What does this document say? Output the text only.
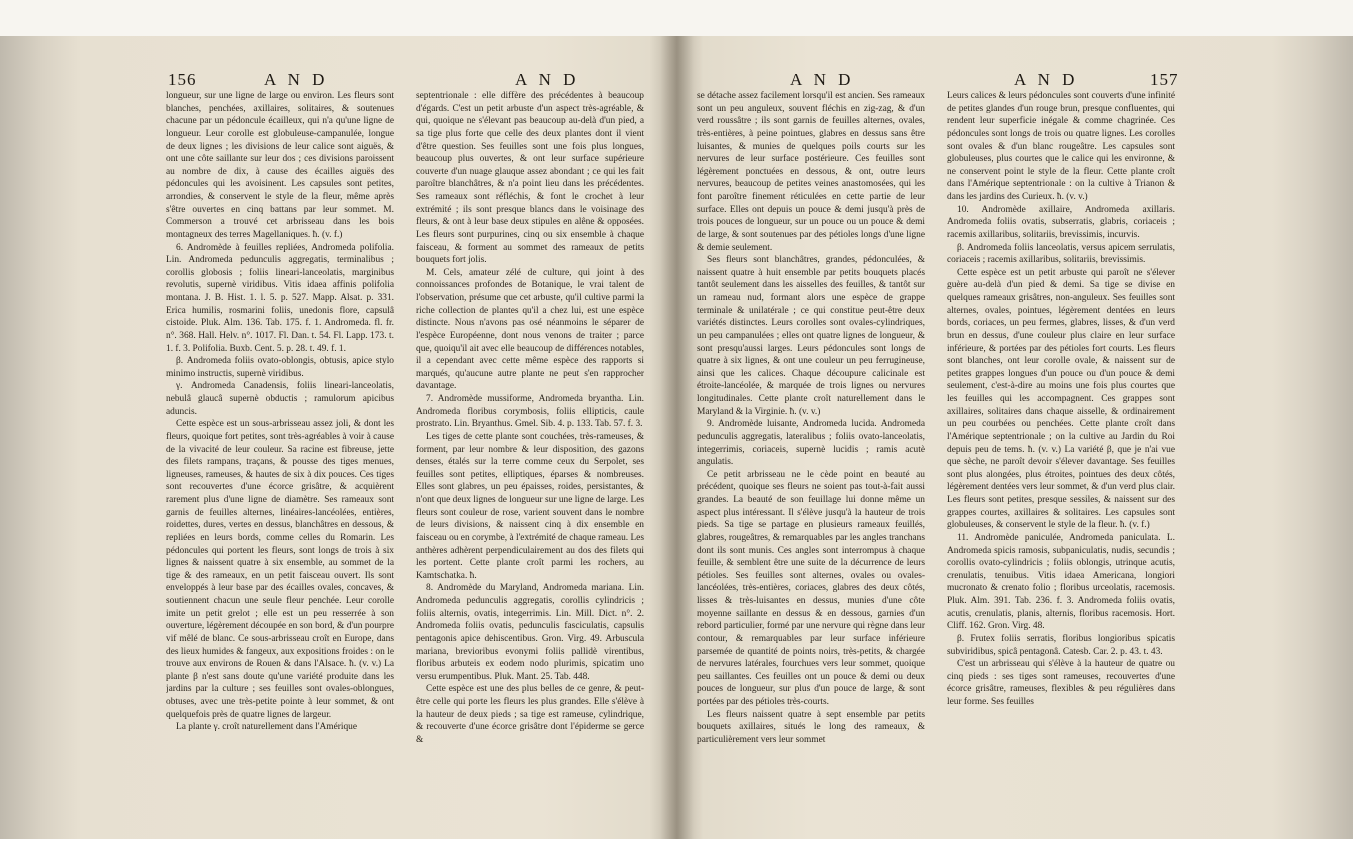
156	A N D	A N D	A N D	A N D	157

longueur, sur une ligne de large ou environ. Les fleurs sont blanches, penchées, axillaires, solitaires, & soutenues chacune par un pédoncule écailleux, qui n'a qu'une ligne de longueur. Leur corolle est globuleuse-campanulée, longue de deux lignes ; les divisions de leur calice sont aiguës, & ont une côte saillante sur leur dos ; ces divisions paroissent au nombre de dix, à cause des écailles aiguës des pédoncules qui les avoisinent. Les capsules sont petites, arrondies, & conservent le style de la fleur, même après s'être ouvertes en cinq battans par leur sommet. M. Commerson a trouvé cet arbrisseau dans les bois montagneux des terres Magellaniques. ħ. (v. f.)

6. Andromède à feuilles repliées, Andromeda polifolia. Lin. Andromeda pedunculis aggregatis, terminalibus ; corollis globosis ; foliis lineari-lanceolatis, marginibus revolutis, supernè viridibus. Vitis idaea affinis polifolia montana. J. B. Hist. 1. l. 5. p. 527. Mapp. Alsat. p. 331. Erica humilis, rosmarini foliis, unedonis flore, capsulâ cistoide. Pluk. Alm. 136. Tab. 175. f. 1. Andromeda. fl. fr. n°. 368. Hall. Helv. n°. 1017. Fl. Dan. t. 54. Fl. Lapp. 173. t. 1. f. 3. Polifolia. Buxb. Cent. 5. p. 28. t. 49. f. 1.

β. Andromeda foliis ovato-oblongis, obtusis, apice stylo minimo instructis, supernè viridibus.

γ. Andromeda Canadensis, foliis lineari-lanceolatis, nebulâ glaucâ supernè obductis ; ramulorum apicibus aduncis.

Cette espèce est un sous-arbrisseau assez joli, & dont les fleurs, quoique fort petites, sont très-agréables à voir à cause de la vivacité de leur couleur. Sa racine est fibreuse, jette des filets rampans, traçans, & pousse des tiges menues, ligneuses, rameuses, & hautes de six à dix pouces. Ces tiges sont recouvertes d'une écorce grisâtre, & acquièrent rarement plus d'une ligne de diamètre. Ses rameaux sont garnis de feuilles alternes, linéaires-lancéolées, entières, roidettes, dures, vertes en dessus, blanchâtres en dessous, & repliées en leurs bords, comme celles du Romarin. Les pédoncules qui portent les fleurs, sont longs de trois à six lignes & naissent quatre à six ensemble, au sommet de la tige & des rameaux, en un petit faisceau ouvert. Ils sont enveloppés à leur base par des écailles ovales, concaves, & soutiennent chacun une seule fleur penchée. Leur corolle imite un petit grelot ; elle est un peu resserrée à son ouverture, légèrement découpée en son bord, & d'un pourpre vif mêlé de blanc. Ce sous-arbrisseau croît en Europe, dans des lieux humides & fangeux, aux expositions froides : on le trouve aux environs de Rouen & dans l'Alsace. ħ. (v. v.) La plante β n'est sans doute qu'une variété produite dans les jardins par la culture ; ses feuilles sont ovales-oblongues, obtuses, avec une très-petite pointe à leur sommet, & ont quelquefois près de quatre lignes de largeur.

La plante γ. croît naturellement dans l'Amérique

septentrionale : elle diffère des précédentes à beaucoup d'égards. C'est un petit arbuste d'un aspect très-agréable, & qui, quoique ne s'élevant pas beaucoup au-delà d'un pied, a sa tige plus forte que celle des deux plantes dont il vient d'être question. Ses feuilles sont une fois plus longues, beaucoup plus ouvertes, & ont leur surface supérieure couverte d'un nuage glauque assez abondant ; ce qui les fait paroître blanchâtres, & n'a point lieu dans les précédentes. Ses rameaux sont réfléchis, & font le crochet à leur extrémité ; ils sont presque blancs dans le voisinage des fleurs, & ont à leur base deux stipules en alêne & opposées. Les fleurs sont purpurines, cinq ou six ensemble à chaque faisceau, & forment au sommet des rameaux de petits bouquets fort jolis.

M. Cels, amateur zélé de culture, qui joint à des connoissances profondes de Botanique, le vrai talent de l'observation, présume que cet arbuste, qu'il cultive parmi la riche collection de plantes qu'il a chez lui, est une espèce distincte. Nous n'avons pas osé néanmoins le séparer de l'espèce Européenne, dont nous venons de traiter ; parce que, quoiqu'il ait avec elle beaucoup de différences notables, il a cependant avec cette même espèce des rapports si marqués, qu'aucune autre plante ne peut s'en rapprocher davantage.

7. Andromède mussiforme, Andromeda bryantha. Lin. Andromeda floribus corymbosis, foliis ellipticis, caule prostrato. Lin. Bryanthus. Gmel. Sib. 4. p. 133. Tab. 57. f. 3.

Les tiges de cette plante sont couchées, très-rameuses, & forment, par leur nombre & leur disposition, des gazons denses, étalés sur la terre comme ceux du Serpolet, ses feuilles sont petites, elliptiques, éparses & nombreuses. Elles sont glabres, un peu épaisses, roides, persistantes, & n'ont que deux lignes de longueur sur une ligne de large. Les fleurs sont couleur de rose, varient souvent dans le nombre de leurs divisions, & naissent cinq à dix ensemble en faisceau ou en corymbe, à l'extrémité de chaque rameau. Les anthères adhèrent perpendiculairement au dos des filets qui les portent. Cette plante croît parmi les rochers, au Kamtschatka. ħ.

8. Andromède du Maryland, Andromeda mariana. Lin. Andromeda pedunculis aggregatis, corollis cylindricis ; foliis alternis, ovatis, integerrimis. Lin. Mill. Dict. n°. 2. Andromeda foliis ovatis, pedunculis fasciculatis, capsulis pentagonis apice dehiscentibus. Gron. Virg. 49. Arbuscula mariana, brevioribus evonymi foliis pallidè virentibus, floribus arbuteis ex eodem nodo plurimis, spicatim uno versu erumpentibus. Pluk. Mant. 25. Tab. 448.

Cette espèce est une des plus belles de ce genre, & peut-être celle qui porte les fleurs les plus grandes. Elle s'élève à la hauteur de deux pieds ; sa tige est rameuse, cylindrique, & recouverte d'une écorce grisâtre dont l'épiderme se gerce &

se détache assez facilement lorsqu'il est ancien. Ses rameaux sont un peu anguleux, souvent fléchis en zig-zag, & d'un verd roussâtre ; ils sont garnis de feuilles alternes, ovales, très-entières, à peine pointues, glabres en dessus sans être luisantes, & munies de quelques poils courts sur les nervures de leur surface postérieure. Ces feuilles sont légèrement ponctuées en dessous, & ont, outre leurs nervures, beaucoup de petites veines anastomosées, qui les font paroître finement réticulées en cette partie de leur surface. Elles ont depuis un pouce & demi jusqu'à près de trois pouces de longueur, sur un pouce ou un pouce & demi de large, & sont soutenues par des pétioles longs d'une ligne & demie seulement.

Ses fleurs sont blanchâtres, grandes, pédonculées, & naissent quatre à huit ensemble par petits bouquets placés tantôt seulement dans les aisselles des feuilles, & tantôt sur un rameau nud, formant alors une espèce de grappe terminale & unilatérale ; ce qui constitue peut-être deux variétés distinctes. Leurs corolles sont ovales-cylindriques, un peu campanulées ; elles ont quatre lignes de longueur, & sont presqu'aussi larges. Leurs pédoncules sont longs de quatre à six lignes, & ont une couleur un peu ferrugineuse, ainsi que les calices. Chaque découpure calicinale est étroite-lancéolée, & marquée de trois lignes ou nervures longitudinales. Cette plante croît naturellement dans le Maryland & la Virginie. ħ. (v. v.)

9. Andromède luisante, Andromeda lucida. Andromeda pedunculis aggregatis, lateralibus ; foliis ovato-lanceolatis, integerrimis, coriaceis, supernè lucidis ; ramis acutè angulatis.

Ce petit arbrisseau ne le cède point en beauté au précédent, quoique ses fleurs ne soient pas tout-à-fait aussi grandes. La beauté de son feuillage lui donne même un aspect plus intéressant. Il s'élève jusqu'à la hauteur de trois pieds. Sa tige se partage en plusieurs rameaux feuillés, glabres, rougeâtres, & remarquables par les angles tranchans dont ils sont munis. Ces angles sont interrompus à chaque feuille, & semblent être une suite de la décurrence de leurs pétioles. Ses feuilles sont alternes, ovales ou ovales-lancéolées, très-entières, coriaces, glabres des deux côtés, lisses & très-luisantes en dessus, munies d'une côte moyenne saillante en dessus & en dessous, garnies d'un rebord particulier, formé par une nervure qui règne dans leur contour, & remarquables par leur surface inférieure parsemée de quantité de points noirs, très-petits, & chargée de nervures latérales, fourchues vers leur sommet, quoique peu saillantes. Ces feuilles ont un pouce & demi ou deux pouces de longueur, sur plus d'un pouce de large, & sont portées par des pétioles très-courts.

Les fleurs naissent quatre à sept ensemble par petits bouquets axillaires, situés le long des rameaux, & particulièrement vers leur sommet

Leurs calices & leurs pédoncules sont couverts d'une infinité de petites glandes d'un rouge brun, presque confluentes, qui rendent leur superficie inégale & comme chagrinée. Ces pédoncules sont longs de trois ou quatre lignes. Les corolles sont ovales & d'un blanc rougeâtre. Les capsules sont globuleuses, plus courtes que le calice qui les environne, & ne conservent point le style de la fleur. Cette plante croît dans l'Amérique septentrionale : on la cultive à Trianon & dans les jardins des Curieux. ħ. (v. v.)

10. Andromède axillaire, Andromeda axillaris. Andromeda foliis ovatis, subserratis, glabris, coriaceis ; racemis axillaribus, solitariis, brevissimis, incurvis.

β. Andromeda foliis lanceolatis, versus apicem serrulatis, coriaceis ; racemis axillaribus, solitariis, brevissimis.

Cette espèce est un petit arbuste qui paroît ne s'élever guère au-delà d'un pied & demi. Sa tige se divise en quelques rameaux grisâtres, non-anguleux. Ses feuilles sont alternes, ovales, pointues, légèrement dentées en leurs bords, coriaces, un peu fermes, glabres, lisses, & d'un verd brun en dessus, d'une couleur plus claire en leur surface inférieure, & portées par des pétioles fort courts. Les fleurs sont blanches, ont leur corolle ovale, & naissent sur de petites grappes longues d'un pouce ou d'un pouce & demi seulement, c'est-à-dire au moins une fois plus courtes que les feuilles qui les accompagnent. Ces grappes sont axillaires, solitaires dans chaque aisselle, & ordinairement un peu courbées ou penchées. Cette plante croît dans l'Amérique septentrionale ; on la cultive au Jardin du Roi depuis peu de tems. ħ. (v. v.) La variété β, que je n'ai vue que sèche, ne paroît devoir s'élever davantage. Ses feuilles sont plus alongées, plus étroites, pointues des deux côtés, légèrement dentées vers leur sommet, & d'un verd plus clair. Les fleurs sont petites, presque sessiles, & naissent sur des grappes courtes, axillaires & solitaires. Les capsules sont globuleuses, & conservent le style de la fleur. ħ. (v. f.)

11. Andromède paniculée, Andromeda paniculata. L. Andromeda spicis ramosis, subpaniculatis, nudis, secundis ; corollis ovato-cylindricis ; foliis oblongis, utrinque acutis, crenulatis, tenuibus. Vitis idaea Americana, longiori mucronato & crenato folio ; floribus urceolatis, racemosis. Pluk. Alm. 391. Tab. 236. f. 3. Andromeda foliis ovatis, acutis, crenulatis, planis, alternis, floribus racemosis. Hort. Cliff. 162. Gron. Virg. 48.

β. Frutex foliis serratis, floribus longioribus spicatis subviridibus, spicâ pentagonâ. Catesb. Car. 2. p. 43. t. 43.

C'est un arbrisseau qui s'élève à la hauteur de quatre ou cinq pieds : ses tiges sont rameuses, recouvertes d'une écorce grisâtre, rameuses, flexibles & peu régulières dans leur forme. Ses feuilles
